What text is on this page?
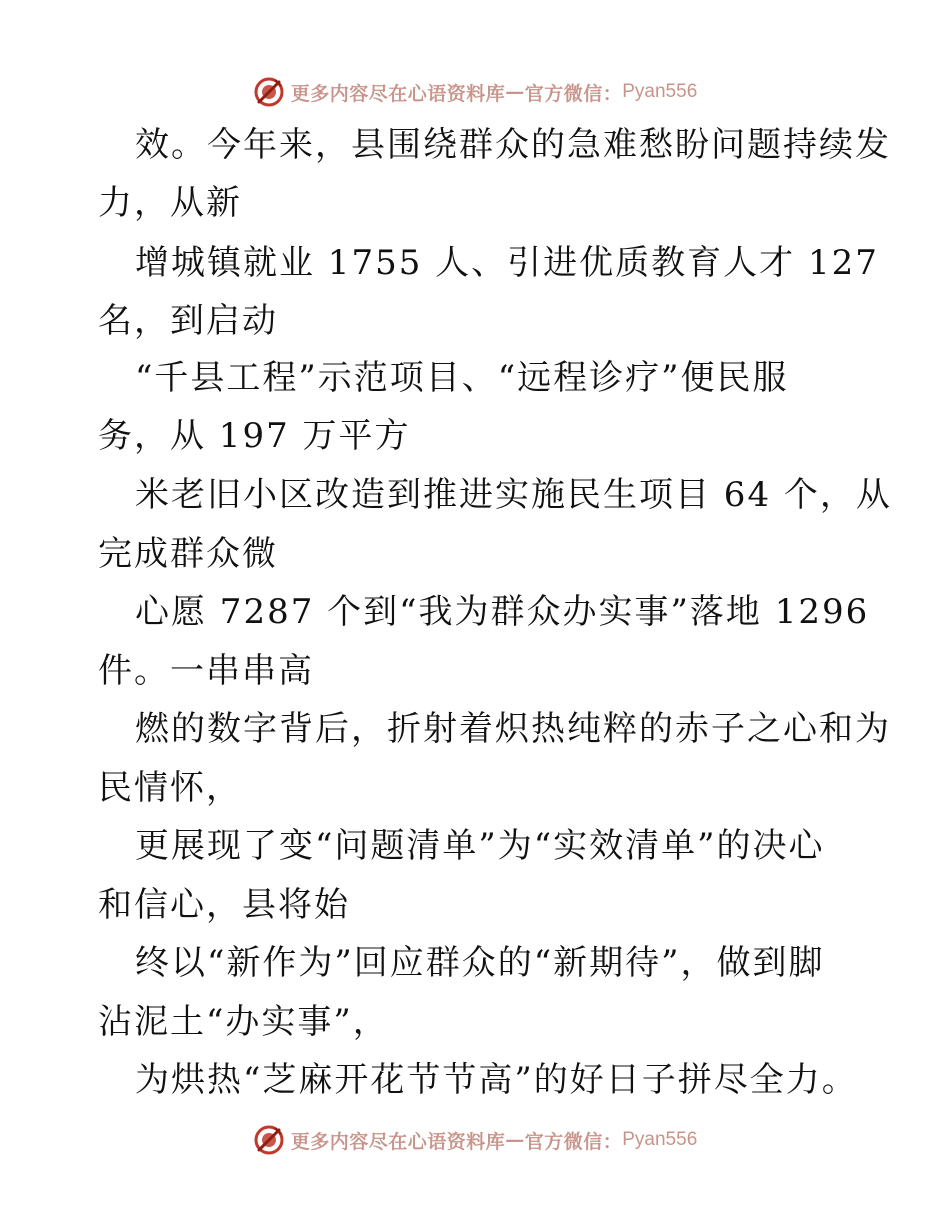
更多内容尽在心语资料库 — 官方微信： Pyan556
效。今年来，县围绕群众的急难愁盼问题持续发
力，从新
增城镇就业 1755 人、引进优质教育人才 127
名，到启动
“千县工程”示范项目、“远程诊疗”便民服
务，从 197 万平方
米老旧小区改造到推进实施民生项目 64 个，从
完成群众微
心愿 7287 个到“我为群众办实事”落地 1296
件。一串串高
燃的数字背后，折射着炽热纯粹的赤子之心和为
民情怀，
更展现了变“问题清单”为“实效清单”的决心
和信心，县将始
终以“新作为”回应群众的“新期待”，做到脚
沾泥土“办实事”，
为烘热“芝麻开花节节高”的好日子拼尽全力。
更多内容尽在心语资料库 — 官方微信： Pyan556
